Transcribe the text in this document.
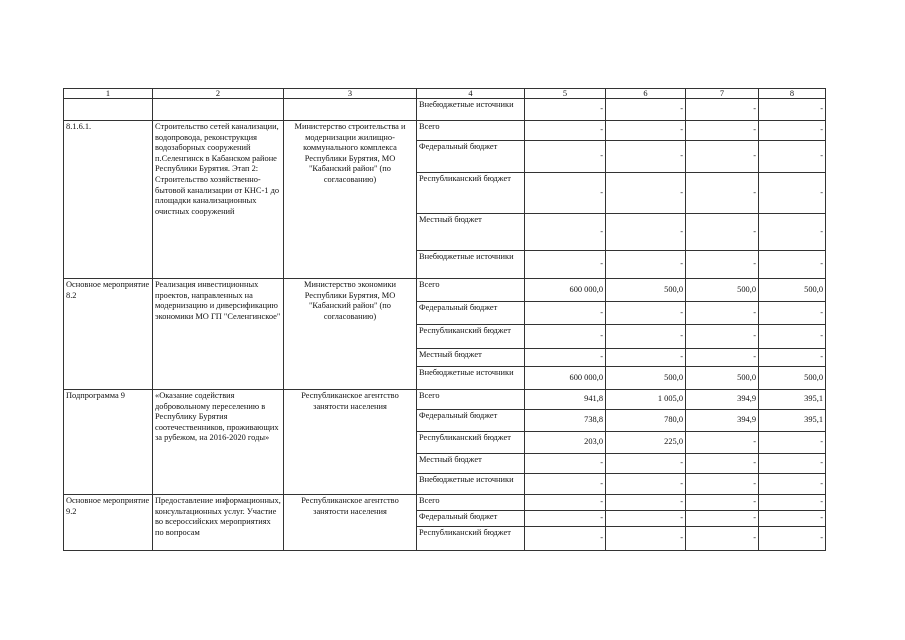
1	2	3	4	5	6	7	8
			Внебюджетные источники	-	-	-	-
8.1.6.1.	Строительство сетей канализации, водопровода, реконструкция водозаборных сооружений п.Селенгинск в Кабанском районе Республики Бурятия. Этап 2: Строительство хозяйственно-бытовой канализации от КНС-1 до площадки канализационных очистных сооружений	Министерство строительства и модернизации жилищно-коммунального комплекса Республики Бурятия, МО "Кабанский район" (по согласованию)	Всего	-	-	-	-
			Федеральный бюджет	-	-	-	-
			Республиканский бюджет	-	-	-	-
			Местный бюджет	-	-	-	-
			Внебюджетные источники	-	-	-	-
Основное мероприятие 8.2	Реализация инвестиционных проектов, направленных на модернизацию и диверсификацию экономики МО ГП "Селенгинское"	Министерство экономики Республики Бурятия, МО "Кабанский район" (по согласованию)	Всего	600 000,0	500,0	500,0	500,0
			Федеральный бюджет	-	-	-	-
			Республиканский бюджет	-	-	-	-
			Местный бюджет	-	-	-	-
			Внебюджетные источники	600 000,0	500,0	500,0	500,0
Подпрограмма 9	«Оказание содействия добровольному переселению в Республику Бурятия соотечественников, проживающих за рубежом, на 2016-2020 годы»	Республиканское агентство занятости населения	Всего	941,8	1 005,0	394,9	395,1
			Федеральный бюджет	738,8	780,0	394,9	395,1
			Республиканский бюджет	203,0	225,0	-	-
			Местный бюджет	-	-	-	-
			Внебюджетные источники	-	-	-	-
Основное мероприятие 9.2	Предоставление информационных, консультационных услуг. Участие во всероссийских мероприятиях по вопросам	Республиканское агентство занятости населения	Всего	-	-	-	-
			Федеральный бюджет	-	-	-	-
			Республиканский бюджет	-	-	-	-
